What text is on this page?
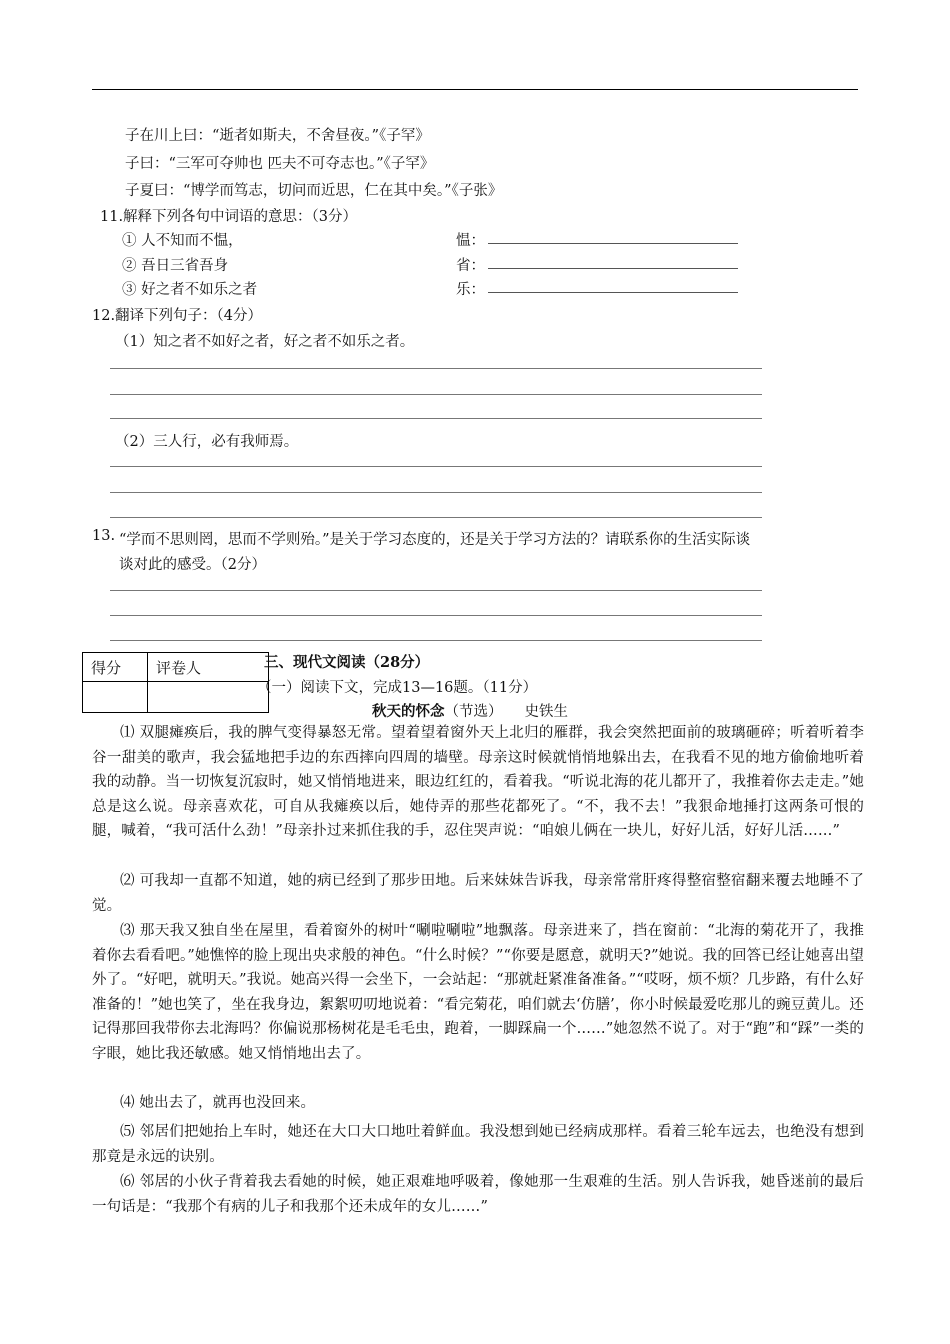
子在川上曰：“逝者如斯夫，不舍昼夜。”《子罕》
子曰：“三军可夺帅也 匹夫不可夺志也。”《子罕》
子夏曰：“博学而笃志，切问而近思，仁在其中矣。”《子张》
11.解释下列各句中词语的意思：（3分）
① 人不知而不愠，	愠：
② 吾日三省吾身	省：
③ 好之者不如乐之者	乐：
12.翻译下列句子：（4分）
（1）知之者不如好之者，好之者不如乐之者。
（2）三人行，必有我师焉。
13. “学而不思则罔，思而不学则殆。”是关于学习态度的，还是关于学习方法的？请联系你的生活实际谈
谈对此的感受。（2分）
得分	评卷人
		三、现代文阅读（28分）
（一）阅读下文，完成13—16题。（11分）
秋天的怀念（节选） 史铁生
⑴ 双腿瘫痪后，我的脾气变得暴怒无常。望着望着窗外天上北归的雁群，我会突然把面前的玻璃砸碎；听着听着李谷一甜美的歌声，我会猛地把手边的东西摔向四周的墙壁。母亲这时候就悄悄地躲出去，在我看不见的地方偷偷地听着我的动静。当一切恢复沉寂时，她又悄悄地进来，眼边红红的，看着我。“听说北海的花儿都开了，我推着你去走走。”她总是这么说。母亲喜欢花，可自从我瘫痪以后，她侍弄的那些花都死了。“不，我不去！”我狠命地捶打这两条可恨的腿，喊着，“我可活什么劲！”母亲扑过来抓住我的手，忍住哭声说：“咱娘儿俩在一块儿，好好儿活，好好儿活……”
⑵ 可我却一直都不知道，她的病已经到了那步田地。后来妹妹告诉我，母亲常常肝疼得整宿整宿翻来覆去地睡不了觉。
⑶ 那天我又独自坐在屋里，看着窗外的树叶“唰啦唰啦”地飘落。母亲进来了，挡在窗前：“北海的菊花开了，我推着你去看看吧。”她憔悴的脸上现出央求般的神色。“什么时候？”“你要是愿意，就明天?”她说。我的回答已经让她喜出望外了。“好吧，就明天。”我说。她高兴得一会坐下，一会站起：“那就赶紧准备准备。”“哎呀，烦不烦？几步路，有什么好准备的！”她也笑了，坐在我身边，絮絮叨叨地说着：“看完菊花，咱们就去‘仿膳’，你小时候最爱吃那儿的豌豆黄儿。还记得那回我带你去北海吗？你偏说那杨树花是毛毛虫，跑着，一脚踩扁一个……”她忽然不说了。对于“跑”和“踩”一类的字眼，她比我还敏感。她又悄悄地出去了。
⑷ 她出去了，就再也没回来。
⑸ 邻居们把她抬上车时，她还在大口大口地吐着鲜血。我没想到她已经病成那样。看着三轮车远去，也绝没有想到那竟是永远的诀别。
⑹ 邻居的小伙子背着我去看她的时候，她正艰难地呼吸着，像她那一生艰难的生活。别人告诉我，她昏迷前的最后一句话是：“我那个有病的儿子和我那个还未成年的女儿……”
